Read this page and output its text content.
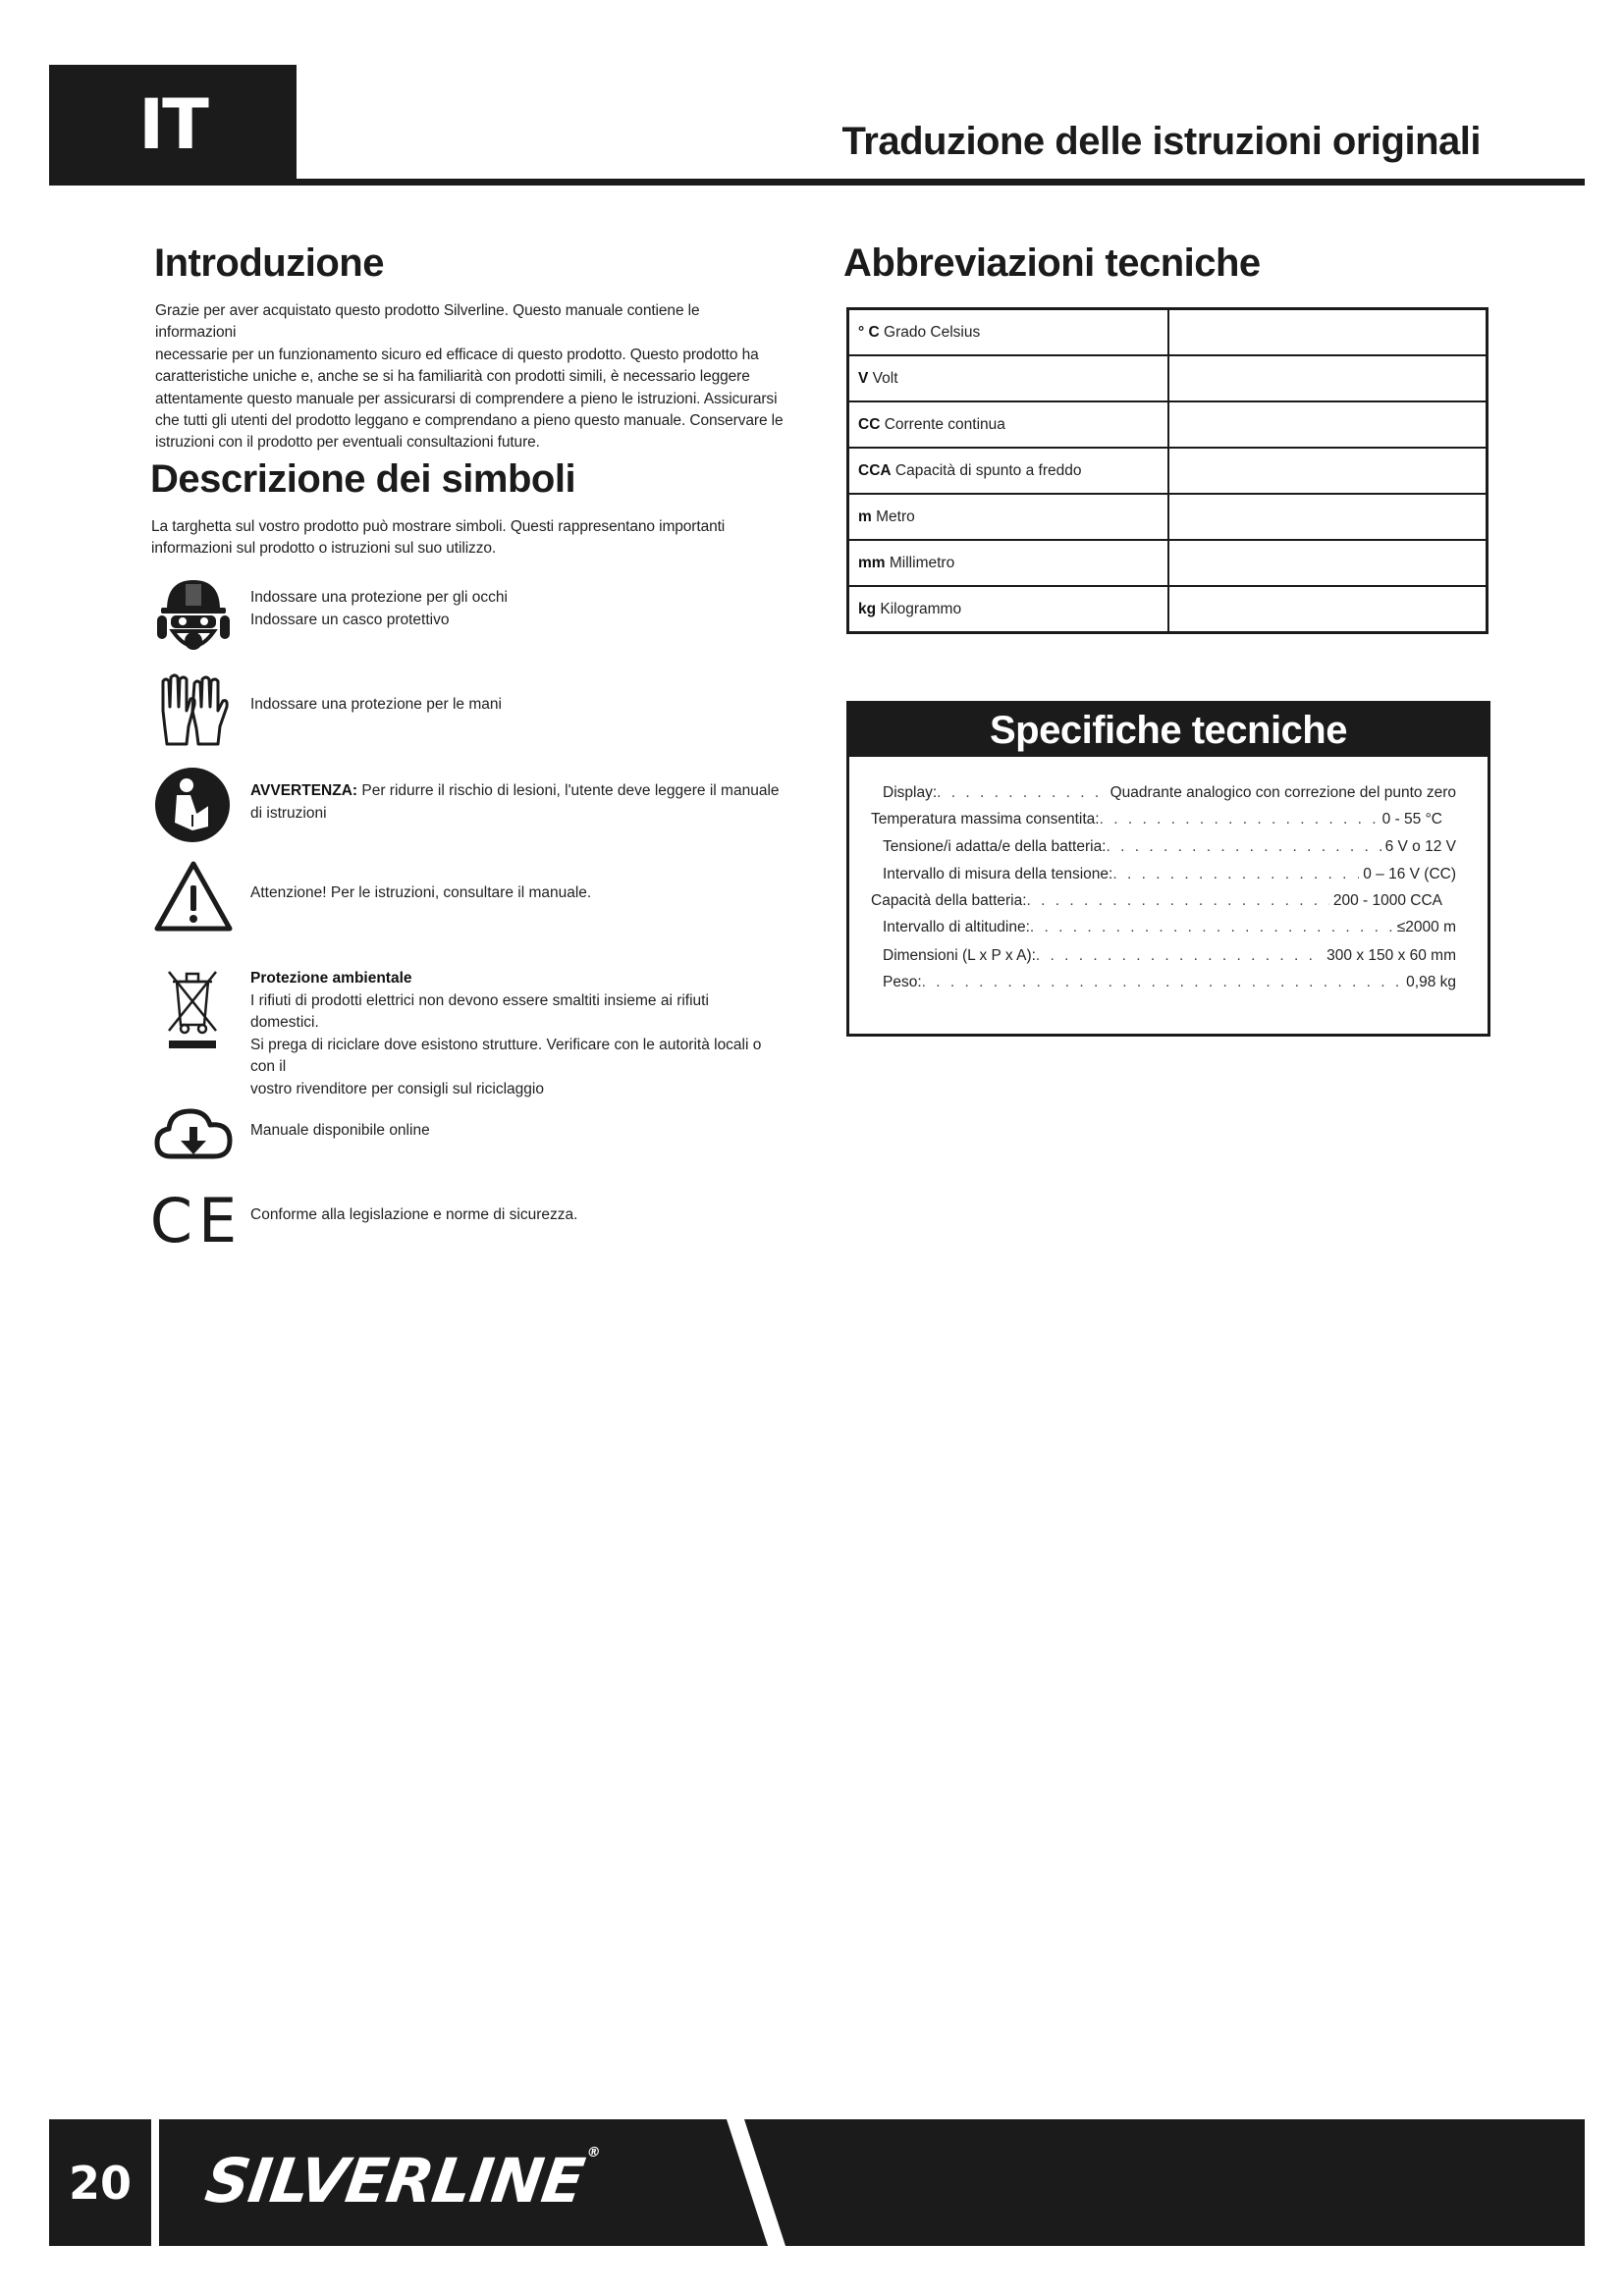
IT	Traduzione delle istruzioni originali
Introduzione
Grazie per aver acquistato questo prodotto Silverline. Questo manuale contiene le informazioni
necessarie per un funzionamento sicuro ed efficace di questo prodotto. Questo prodotto ha
caratteristiche uniche e, anche se si ha familiarità con prodotti simili, è necessario leggere
attentamente questo manuale per assicurarsi di comprendere a pieno le istruzioni. Assicurarsi
che tutti gli utenti del prodotto leggano e comprendano a pieno questo manuale. Conservare le
istruzioni con il prodotto per eventuali consultazioni future.
Descrizione dei simboli
La targhetta sul vostro prodotto può mostrare simboli. Questi rappresentano importanti
informazioni sul prodotto o istruzioni sul suo utilizzo.
Indossare una protezione per gli occhi
Indossare un casco protettivo
Indossare una protezione per le mani
AVVERTENZA: Per ridurre il rischio di lesioni, l'utente deve leggere il manuale
di istruzioni
Attenzione! Per le istruzioni, consultare il manuale.
Protezione ambientale
I rifiuti di prodotti elettrici non devono essere smaltiti insieme ai rifiuti domestici.
Si prega di riciclare dove esistono strutture. Verificare con le autorità locali o con il
vostro rivenditore per consigli sul riciclaggio
Manuale disponibile online
CE Conforme alla legislazione e norme di sicurezza.
Abbreviazioni tecniche
° C Grado Celsius	
V Volt	
CC Corrente continua	
CCA Capacità di spunto a freddo	
m Metro	
mm Millimetro	
kg Kilogrammo	
Specifiche tecniche
Display: . . .	Quadrante analogico con correzione del punto zero
Temperatura massima consentita: . . .	0 - 55 °C
Tensione/i adatta/e della batteria: . . .	6 V o 12 V
Intervallo di misura della tensione: . . .	0 – 16 V (CC)
Capacità della batteria: . . .	200 - 1000 CCA
Intervallo di altitudine: . . .	≤2000 m
Dimensioni (L x P x A): . . .	300 x 150 x 60 mm
Peso: . . .	0,98 kg
20	SILVERLINE®
